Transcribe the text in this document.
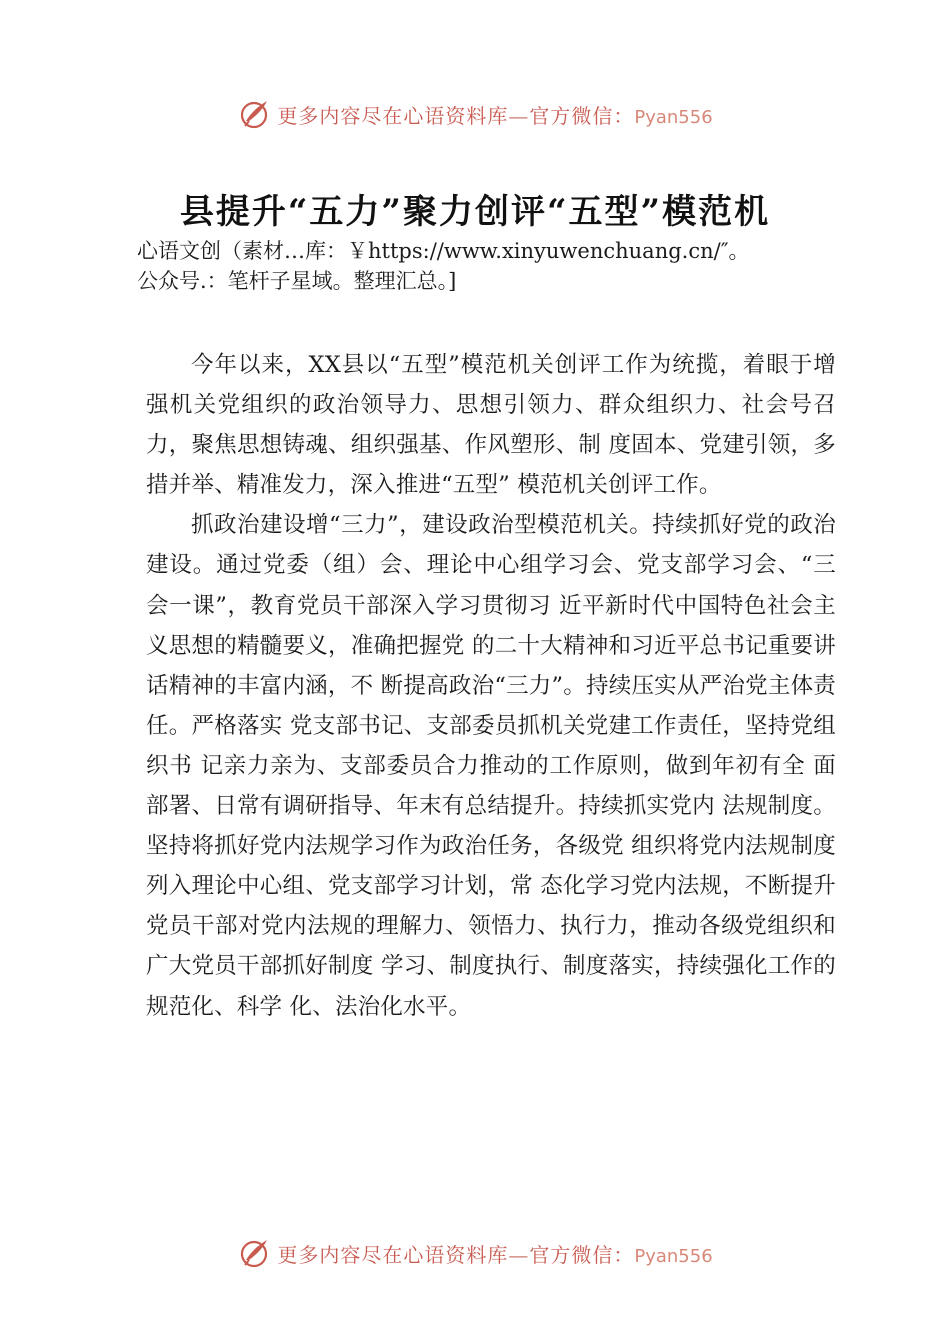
更多内容尽在心语资料库—官方微信：Pyan556
县提升“五力”聚力创评“五型”模范机
心语文创（素材…库：￥https://www.xinyuwenchuang.cn/″。
公众号.：笔杆子星域。整理汇总。]

今年以来，XX县以“五型”模范机关创评工作为统揽，着眼于增强机关党组织的政治领导力、思想引领力、群众组织力、社会号召力，聚焦思想铸魂、组织强基、作风塑形、制 度固本、党建引领，多措并举、精准发力，深入推进“五型” 模范机关创评工作。

抓政治建设增“三力”，建设政治型模范机关。持续抓好党的政治建设。通过党委（组）会、理论中心组学习会、党支部学习会、“三会一课”，教育党员干部深入学习贯彻习 近平新时代中国特色社会主义思想的精髓要义，准确把握党 的二十大精神和习近平总书记重要讲话精神的丰富内涵，不 断提高政治“三力”。持续压实从严治党主体责任。严格落实 党支部书记、支部委员抓机关党建工作责任，坚持党组织书 记亲力亲为、支部委员合力推动的工作原则，做到年初有全 面部署、日常有调研指导、年末有总结提升。持续抓实党内 法规制度。坚持将抓好党内法规学习作为政治任务，各级党 组织将党内法规制度列入理论中心组、党支部学习计划，常 态化学习党内法规，不断提升党员干部对党内法规的理解力、领悟力、执行力，推动各级党组织和广大党员干部抓好制度 学习、制度执行、制度落实，持续强化工作的规范化、科学 化、法治化水平。

更多内容尽在心语资料库—官方微信：Pyan556
